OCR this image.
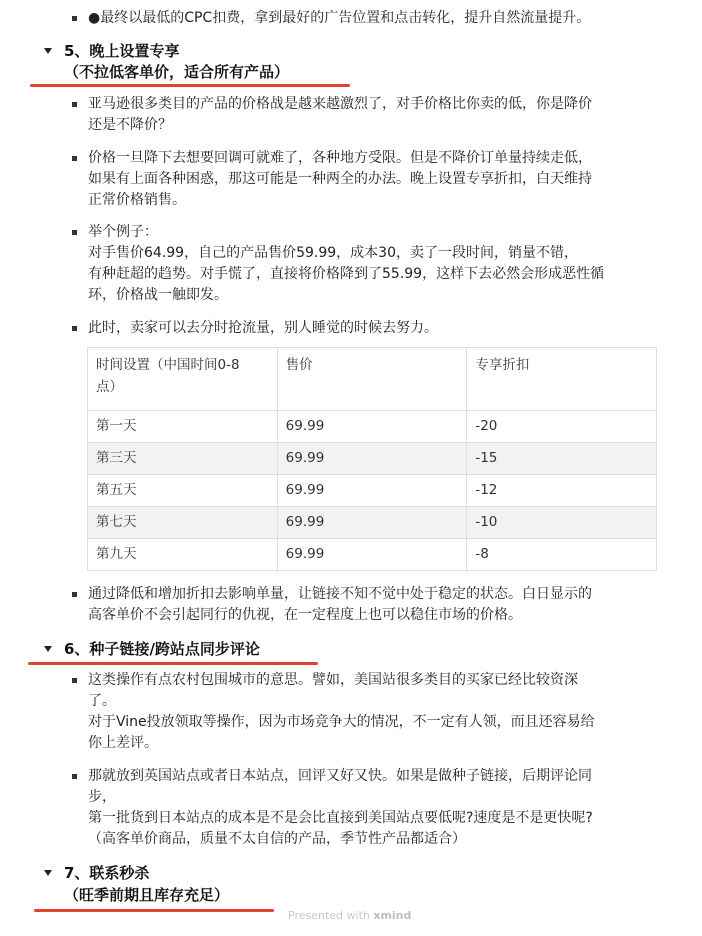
●最终以最低的CPC扣费，拿到最好的广告位置和点击转化，提升自然流量提升。
5、晚上设置专享
（不拉低客单价，适合所有产品）
亚马逊很多类目的产品的价格战是越来越激烈了，对手价格比你卖的低，你是降价
还是不降价？
价格一旦降下去想要回调可就难了，各种地方受限。但是不降价订单量持续走低，
如果有上面各种困惑，那这可能是一种两全的办法。晚上设置专享折扣，白天维持
正常价格销售。
举个例子：
对手售价64.99，自己的产品售价59.99，成本30，卖了一段时间，销量不错，
有种赶超的趋势。对手慌了，直接将价格降到了55.99，这样下去必然会形成恶性循
环，价格战一触即发。
此时，卖家可以去分时抢流量，别人睡觉的时候去努力。
时间设置（中国时间0-8
点）	售价	专享折扣
第一天	69.99	-20
第三天	69.99	-15
第五天	69.99	-12
第七天	69.99	-10
第九天	69.99	-8
通过降低和增加折扣去影响单量，让链接不知不觉中处于稳定的状态。白日显示的
高客单价不会引起同行的仇视，在一定程度上也可以稳住市场的价格。
6、种子链接/跨站点同步评论
这类操作有点农村包围城市的意思。譬如，美国站很多类目的买家已经比较资深
了。
对于Vine投放领取等操作，因为市场竞争大的情况，不一定有人领，而且还容易给
你上差评。
那就放到英国站点或者日本站点，回评又好又快。如果是做种子链接，后期评论同
步，
第一批货到日本站点的成本是不是会比直接到美国站点要低呢?速度是不是更快呢?
（高客单价商品，质量不太自信的产品，季节性产品都适合）
7、联系秒杀
（旺季前期且库存充足）
Presented with xmind
